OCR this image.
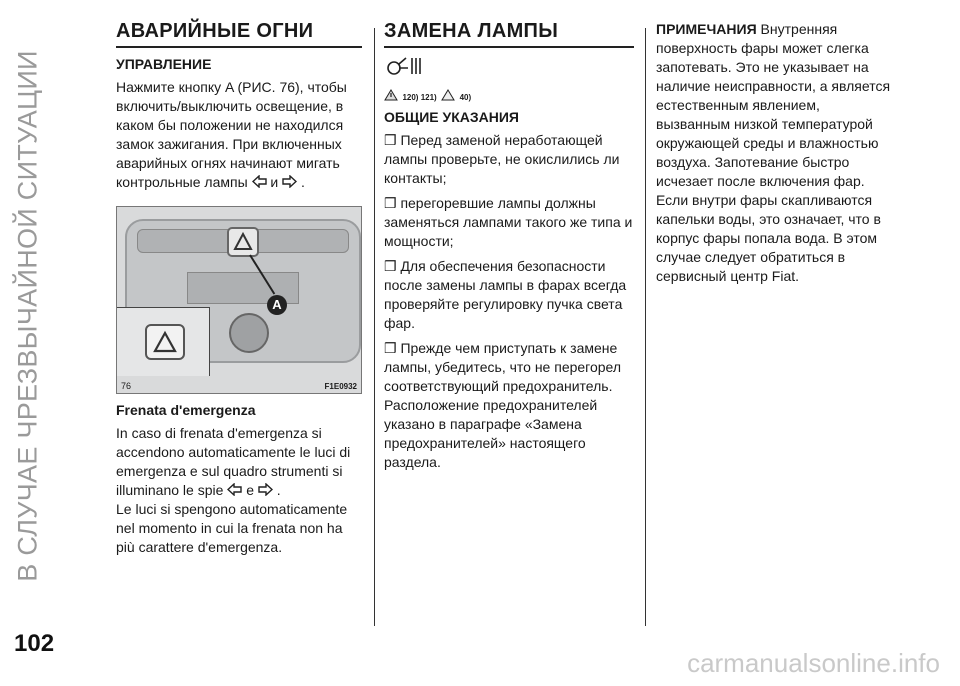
В СЛУЧАЕ ЧРЕЗВЫЧАЙНОЙ СИТУАЦИИ
АВАРИЙНЫЕ ОГНИ
УПРАВЛЕНИЕ

Нажмите кнопку A (РИС. 76), чтобы включить/выключить освещение, в каком бы положении не находился замок зажигания. При включенных аварийных огнях начинают мигать контрольные лампы и .

A
76	F1E0932
Frenata d'emergenza

In caso di frenata d'emergenza si accendono automaticamente le luci di emergenza e sul quadro strumenti si illuminano le spie e .

Le luci si spengono automaticamente nel momento in cui la frenata non ha più carattere d'emergenza.

ЗАМЕНА ЛАМПЫ
120) 121)	40)
ОБЩИЕ УКАЗАНИЯ

❒ Перед заменой неработающей лампы проверьте, не окислились ли контакты;

❒ перегоревшие лампы должны заменяться лампами такого же типа и мощности;

❒ Для обеспечения безопасности после замены лампы в фарах всегда проверяйте регулировку пучка света фар.

❒ Прежде чем приступать к замене лампы, убедитесь, что не перегорел соответствующий предохранитель. Расположение предохранителей указано в параграфе «Замена предохранителей» настоящего раздела.

ПРИМЕЧАНИЯ Внутренняя поверхность фары может слегка запотевать. Это не указывает на наличие неисправности, а является естественным явлением, вызванным низкой температурой окружающей среды и влажностью воздуха. Запотевание быстро исчезает после включения фар. Если внутри фары скапливаются капельки воды, это означает, что в корпус фары попала вода. В этом случае следует обратиться в сервисный центр Fiat.

102
carmanualsonline.info
